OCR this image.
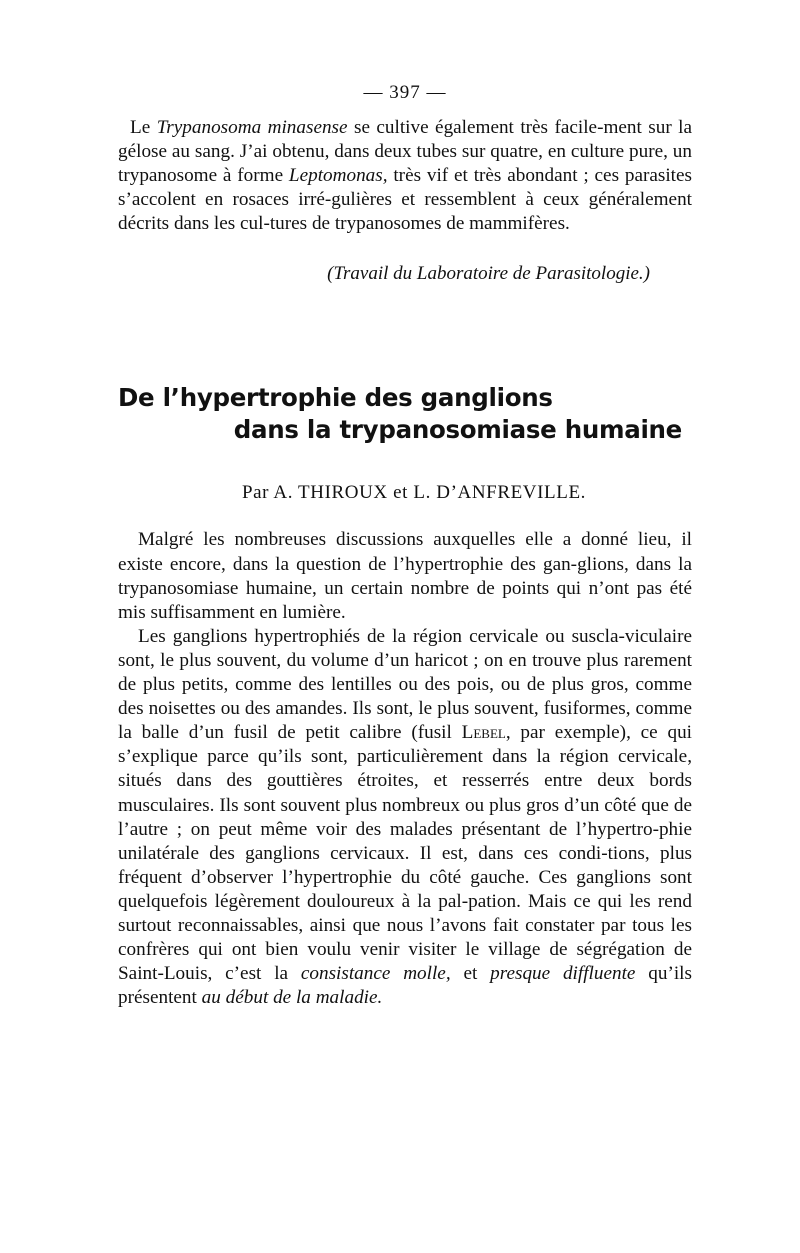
— 397 —

Le Trypanosoma minasense se cultive également très facile-ment sur la gélose au sang. J’ai obtenu, dans deux tubes sur quatre, en culture pure, un trypanosome à forme Leptomonas, très vif et très abondant ; ces parasites s’accolent en rosaces irré-gulières et ressemblent à ceux généralement décrits dans les cul-tures de trypanosomes de mammifères.

(Travail du Laboratoire de Parasitologie.)
De l’hypertrophie des ganglions
dans la trypanosomiase humaine
Par A. THIROUX et L. D’ANFREVILLE.

Malgré les nombreuses discussions auxquelles elle a donné lieu, il existe encore, dans la question de l’hypertrophie des gan-glions, dans la trypanosomiase humaine, un certain nombre de points qui n’ont pas été mis suffisamment en lumière.

Les ganglions hypertrophiés de la région cervicale ou suscla-viculaire sont, le plus souvent, du volume d’un haricot ; on en trouve plus rarement de plus petits, comme des lentilles ou des pois, ou de plus gros, comme des noisettes ou des amandes. Ils sont, le plus souvent, fusiformes, comme la balle d’un fusil de petit calibre (fusil Lebel, par exemple), ce qui s’explique parce qu’ils sont, particulièrement dans la région cervicale, situés dans des gouttières étroites, et resserrés entre deux bords musculaires. Ils sont souvent plus nombreux ou plus gros d’un côté que de l’autre ; on peut même voir des malades présentant de l’hypertro-phie unilatérale des ganglions cervicaux. Il est, dans ces condi-tions, plus fréquent d’observer l’hypertrophie du côté gauche. Ces ganglions sont quelquefois légèrement douloureux à la pal-pation. Mais ce qui les rend surtout reconnaissables, ainsi que nous l’avons fait constater par tous les confrères qui ont bien voulu venir visiter le village de ségrégation de Saint-Louis, c’est la consistance molle, et presque diffluente qu’ils présentent au début de la maladie.
